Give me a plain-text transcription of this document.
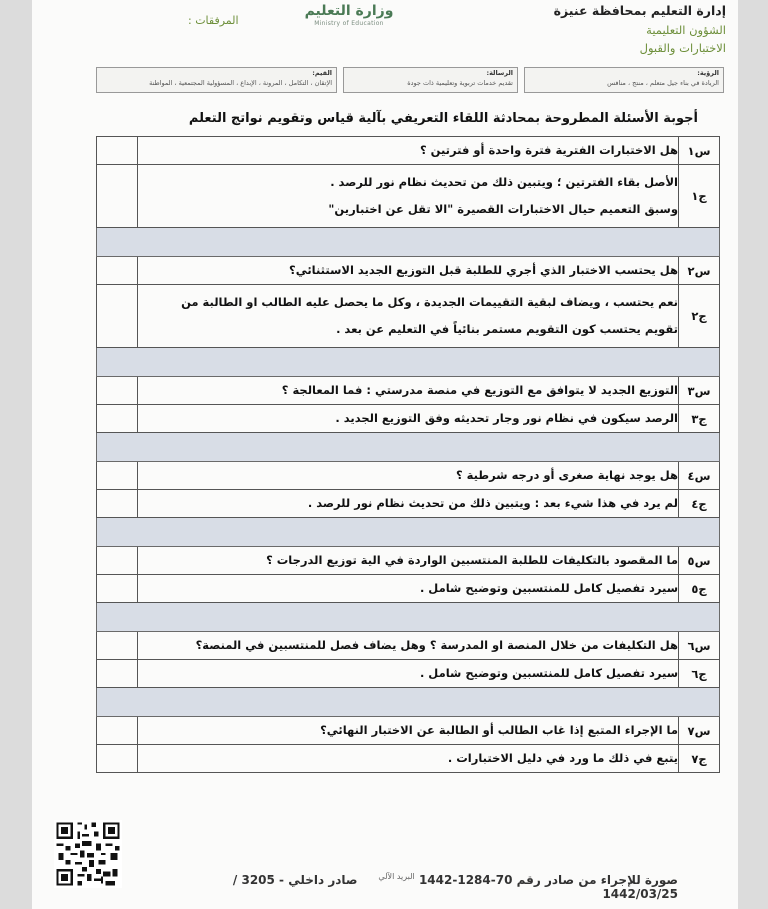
إدارة التعليم بمحافظة عنيزة
الشؤون التعليمية
الاختبارات والقبول
وزارة التعليم
Ministry of Education
المرفقات :
الرؤية:
الريادة في بناء جيل متعلم ، منتج ، منافس
الرسالة:
تقديم خدمات تربوية وتعليمية ذات جودة
القيم:
الإتقان ، التكامل ، المرونة ، الإبداع ، المسؤولية المجتمعية ، المواطنة
أجوبة الأسئلة المطروحة بمحادثة اللقاء التعريفي بآلية قياس وتقويم نواتج التعلم
س١	هل الاختبارات الفترية فترة واحدة أو فترتين ؟	
ج١	الأصل بقاء الفترتين ؛ ويتبين ذلك من تحديث نظام نور للرصد .
وسبق التعميم حيال الاختبارات القصيرة "الا تقل عن اختبارين"	

س٢	هل يحتسب الاختبار الذي أجري للطلبة قبل التوزيع الجديد الاستثنائي؟	
ج٢	نعم يحتسب ، ويضاف لبقية التقييمات الجديدة ، وكل ما يحصل عليه الطالب او الطالبة من
تقويم يحتسب كون التقويم مستمر بنائياً في التعليم عن بعد .	

س٣	التوزيع الجديد لا يتوافق مع التوزيع في منصة مدرستي : فما المعالجة ؟	
ج٣	الرصد سيكون في نظام نور وجار تحديثه وفق التوزيع الجديد .	

س٤	هل يوجد نهاية صغرى أو درجه شرطية ؟	
ج٤	لم يرد في هذا شيء بعد : ويتبين ذلك من تحديث نظام نور للرصد .	

س٥	ما المقصود بالتكليفات للطلبة المنتسبين الواردة في الية توزيع الدرجات ؟	
ج٥	سيرد تفصيل كامل للمنتسبين وتوضيح شامل .	

س٦	هل التكليفات من خلال المنصة او المدرسة ؟ وهل يضاف فصل للمنتسبين في المنصة؟	
ج٦	سيرد تفصيل كامل للمنتسبين وتوضيح شامل .	

س٧	ما الإجراء المتبع إذا غاب الطالب أو الطالبة عن الاختبار النهائي؟	
ج٧	يتبع في ذلك ما ورد في دليل الاختبارات .	

صورة للإجراء من صادر رقم 70-1284-1442 $^{البريد الآلي}$     صادر داخلي - 3205 / 1442/03/25
